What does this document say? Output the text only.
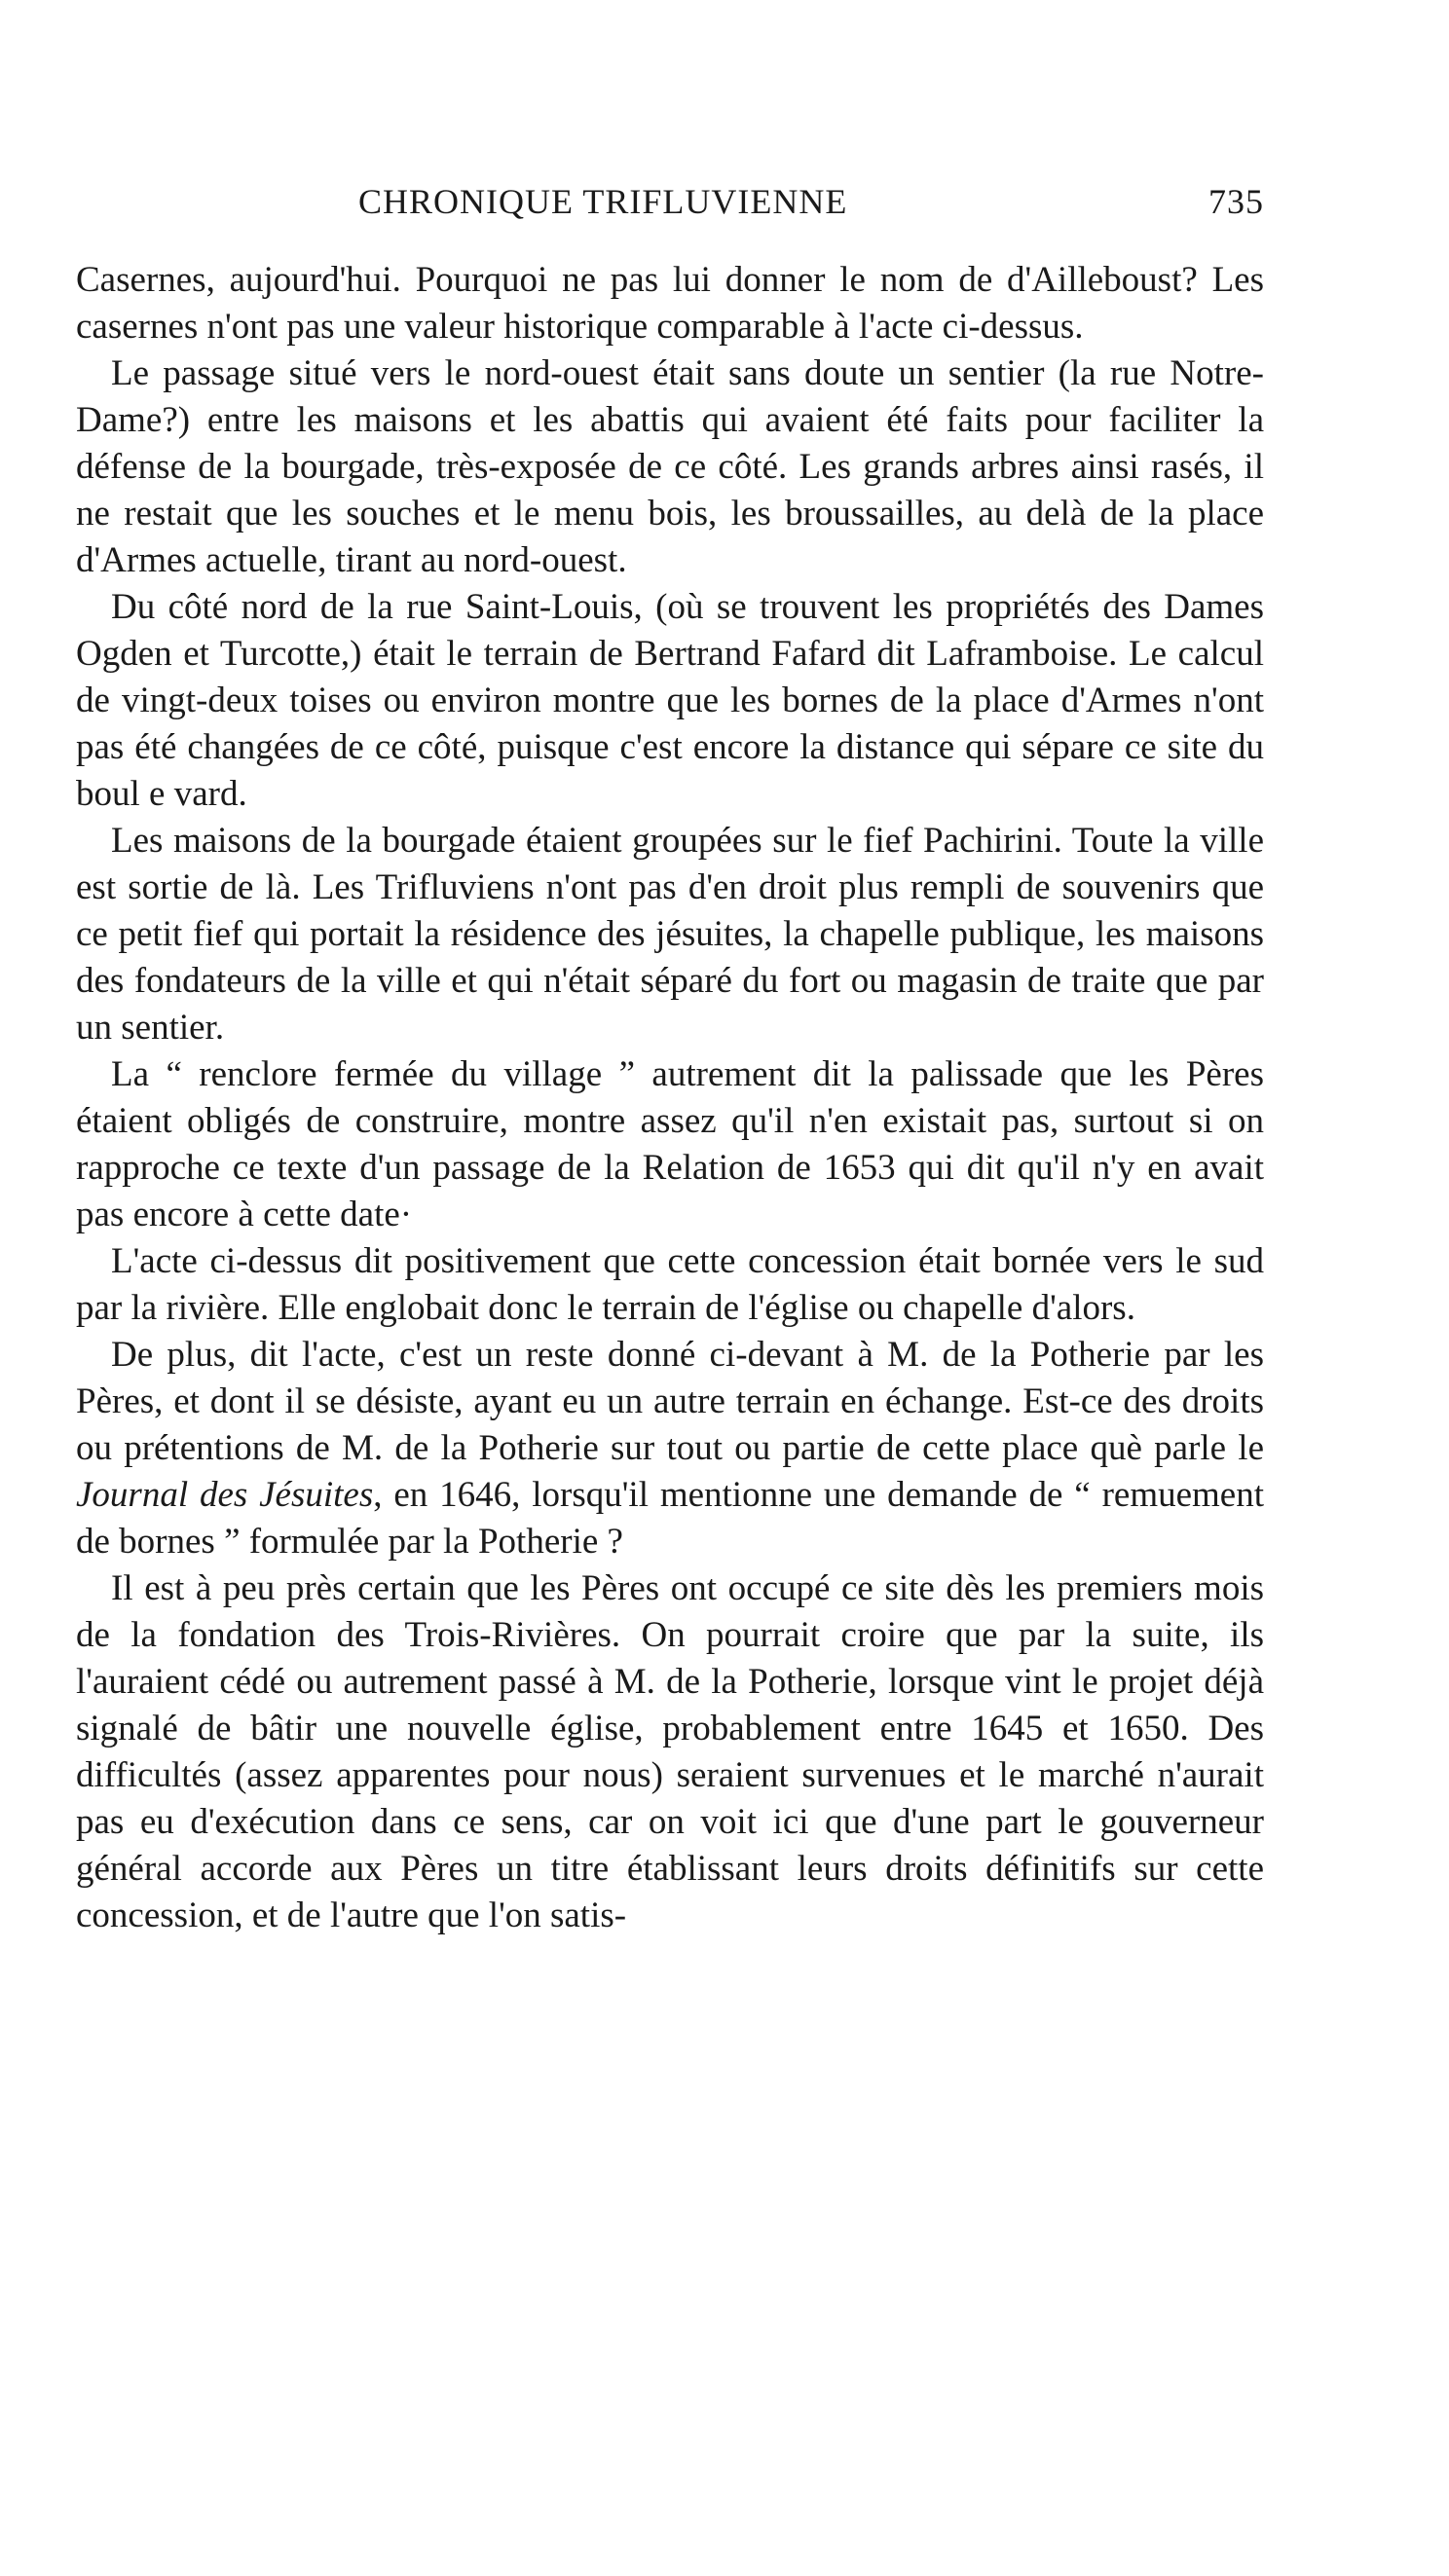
CHRONIQUE TRIFLUVIENNE	735

Casernes, aujourd'hui. Pourquoi ne pas lui donner le nom de d'Ailleboust? Les casernes n'ont pas une valeur historique comparable à l'acte ci-dessus.

Le passage situé vers le nord-ouest était sans doute un sentier (la rue Notre-Dame?) entre les maisons et les abattis qui avaient été faits pour faciliter la défense de la bourgade, très-exposée de ce côté. Les grands arbres ainsi rasés, il ne restait que les souches et le menu bois, les broussailles, au delà de la place d'Armes actuelle, tirant au nord-ouest.

Du côté nord de la rue Saint-Louis, (où se trouvent les propriétés des Dames Ogden et Turcotte,) était le terrain de Bertrand Fafard dit Laframboise. Le calcul de vingt-deux toises ou environ montre que les bornes de la place d'Armes n'ont pas été changées de ce côté, puisque c'est encore la distance qui sépare ce site du boul e vard.

Les maisons de la bourgade étaient groupées sur le fief Pachirini. Toute la ville est sortie de là. Les Trifluviens n'ont pas d'en droit plus rempli de souvenirs que ce petit fief qui portait la résidence des jésuites, la chapelle publique, les maisons des fondateurs de la ville et qui n'était séparé du fort ou magasin de traite que par un sentier.

La “ renclore fermée du village ” autrement dit la palissade que les Pères étaient obligés de construire, montre assez qu'il n'en existait pas, surtout si on rapproche ce texte d'un passage de la Relation de 1653 qui dit qu'il n'y en avait pas encore à cette date·

L'acte ci-dessus dit positivement que cette concession était bornée vers le sud par la rivière. Elle englobait donc le terrain de l'église ou chapelle d'alors.

De plus, dit l'acte, c'est un reste donné ci-devant à M. de la Potherie par les Pères, et dont il se désiste, ayant eu un autre terrain en échange. Est-ce des droits ou prétentions de M. de la Potherie sur tout ou partie de cette place què parle le Journal des Jésuites, en 1646, lorsqu'il mentionne une demande de “ remuement de bornes ” formulée par la Potherie ?

Il est à peu près certain que les Pères ont occupé ce site dès les premiers mois de la fondation des Trois-Rivières. On pourrait croire que par la suite, ils l'auraient cédé ou autrement passé à M. de la Potherie, lorsque vint le projet déjà signalé de bâtir une nouvelle église, probablement entre 1645 et 1650. Des difficultés (assez apparentes pour nous) seraient survenues et le marché n'aurait pas eu d'exécution dans ce sens, car on voit ici que d'une part le gouverneur général accorde aux Pères un titre établissant leurs droits définitifs sur cette concession, et de l'autre que l'on satis-
